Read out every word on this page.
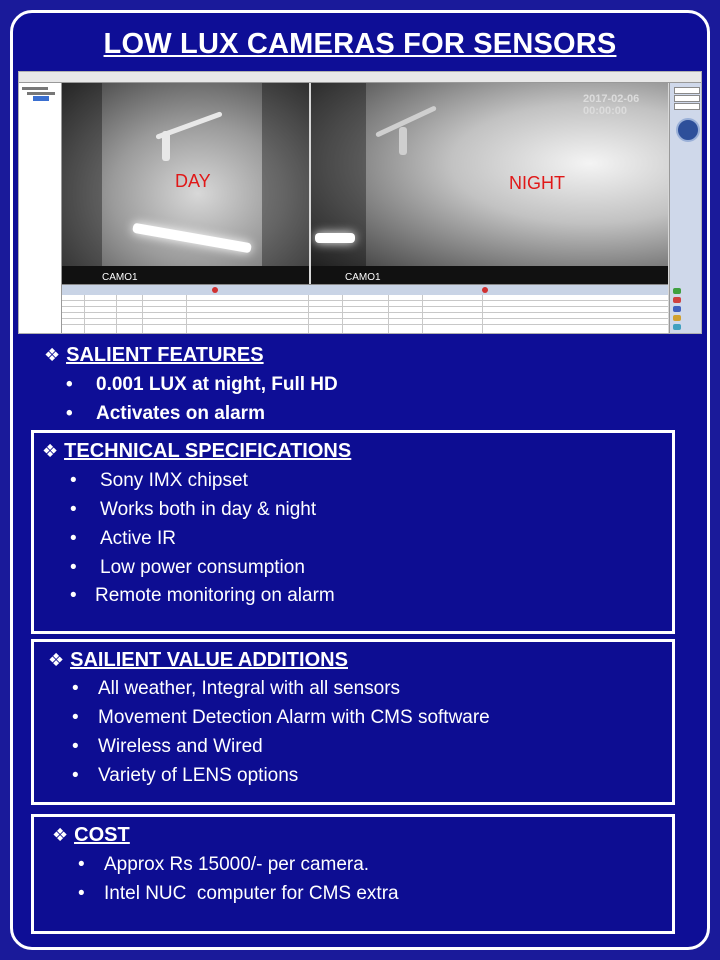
LOW LUX CAMERAS FOR SENSORS
DAY
CAMO1
NIGHT
CAMO1
2017-02-06 00:00:00
❖ SALIENT FEATURES
• 0.001 LUX at night, Full HD
• Activates on alarm
❖ TECHNICAL SPECIFICATIONS
• Sony IMX chipset
• Works both in day & night
• Active IR
• Low power consumption
• Remote monitoring on alarm
❖ SAILIENT VALUE ADDITIONS
• All weather, Integral with all sensors
• Movement Detection Alarm with CMS software
• Wireless and Wired
• Variety of LENS options
❖ COST
• Approx Rs 15000/- per camera.
• Intel NUC  computer for CMS extra
